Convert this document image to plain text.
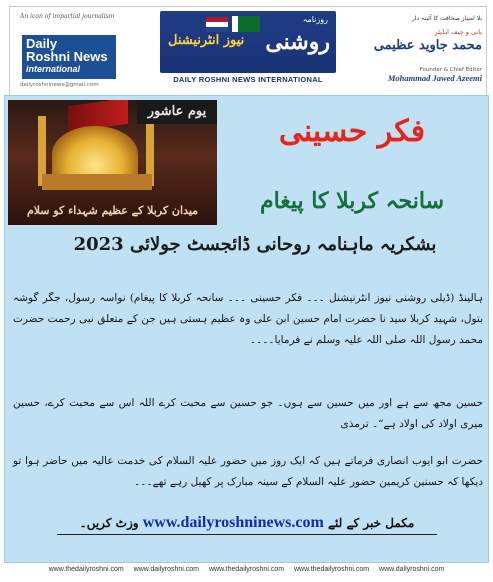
An icon of impartial journalism
Daily
Roshni News
international
dailyroshninews@gmail.com
روزنامہ
روشنی
نیوز انٹرنیشنل
DAILY ROSHNI NEWS INTERNATIONAL
بلا امتیاز صحافت کا آئینہ دار
بانی و چیف ایڈیٹر
محمد جاوید عظیمی
Founder & Chief Editor
Mohammad Jawed Azeemi
یوم عاشور
میدان کربلا کے عظیم شہداء کو سلام
فکر حسینی
سانحہ کربلا کا پیغام
بشکریہ ماہنامہ روحانی ڈائجسٹ جولائی 2023

ہالینڈ (ڈیلی روشنی نیوز انٹرنیشنل ۔۔۔ فکر حسینی ۔۔۔ سانحہ کربلا کا پیغام) نواسہ رسول، جگر گوشہ بتول، شہید کربلا سید نا حضرت امام حسین ابن علی وہ عظیم ہستی ہیں جن کے متعلق نبی رحمت حضرت محمد رسول اللہ صلی اللہ علیہ وسلم نے فرمایا۔۔۔۔

حسین مجھ سے ہے اور میں حسین سے ہوں۔ جو حسین سے محبت کرے اللہ اس سے محبت کرے، حسین میری اولاد کی اولاد ہے“۔ ترمذی

حضرت ابو ایوب انصاری فرماتے ہیں کہ ایک روز میں حضور علیہ السلام کی خدمت عالیہ میں حاضر ہوا تو دیکھا کہ حسنین کریمین حضور علیہ السلام کے سینہ مبارک پر کھیل رہے تھے۔۔۔

مکمل خبر کے لئے www.dailyroshninews.com وزٹ کریں۔
www.thedailyroshni.com www.dailyroshni.com www.thedailyroshni.com www.thedailyroshni.com www.dailyroshni.com
